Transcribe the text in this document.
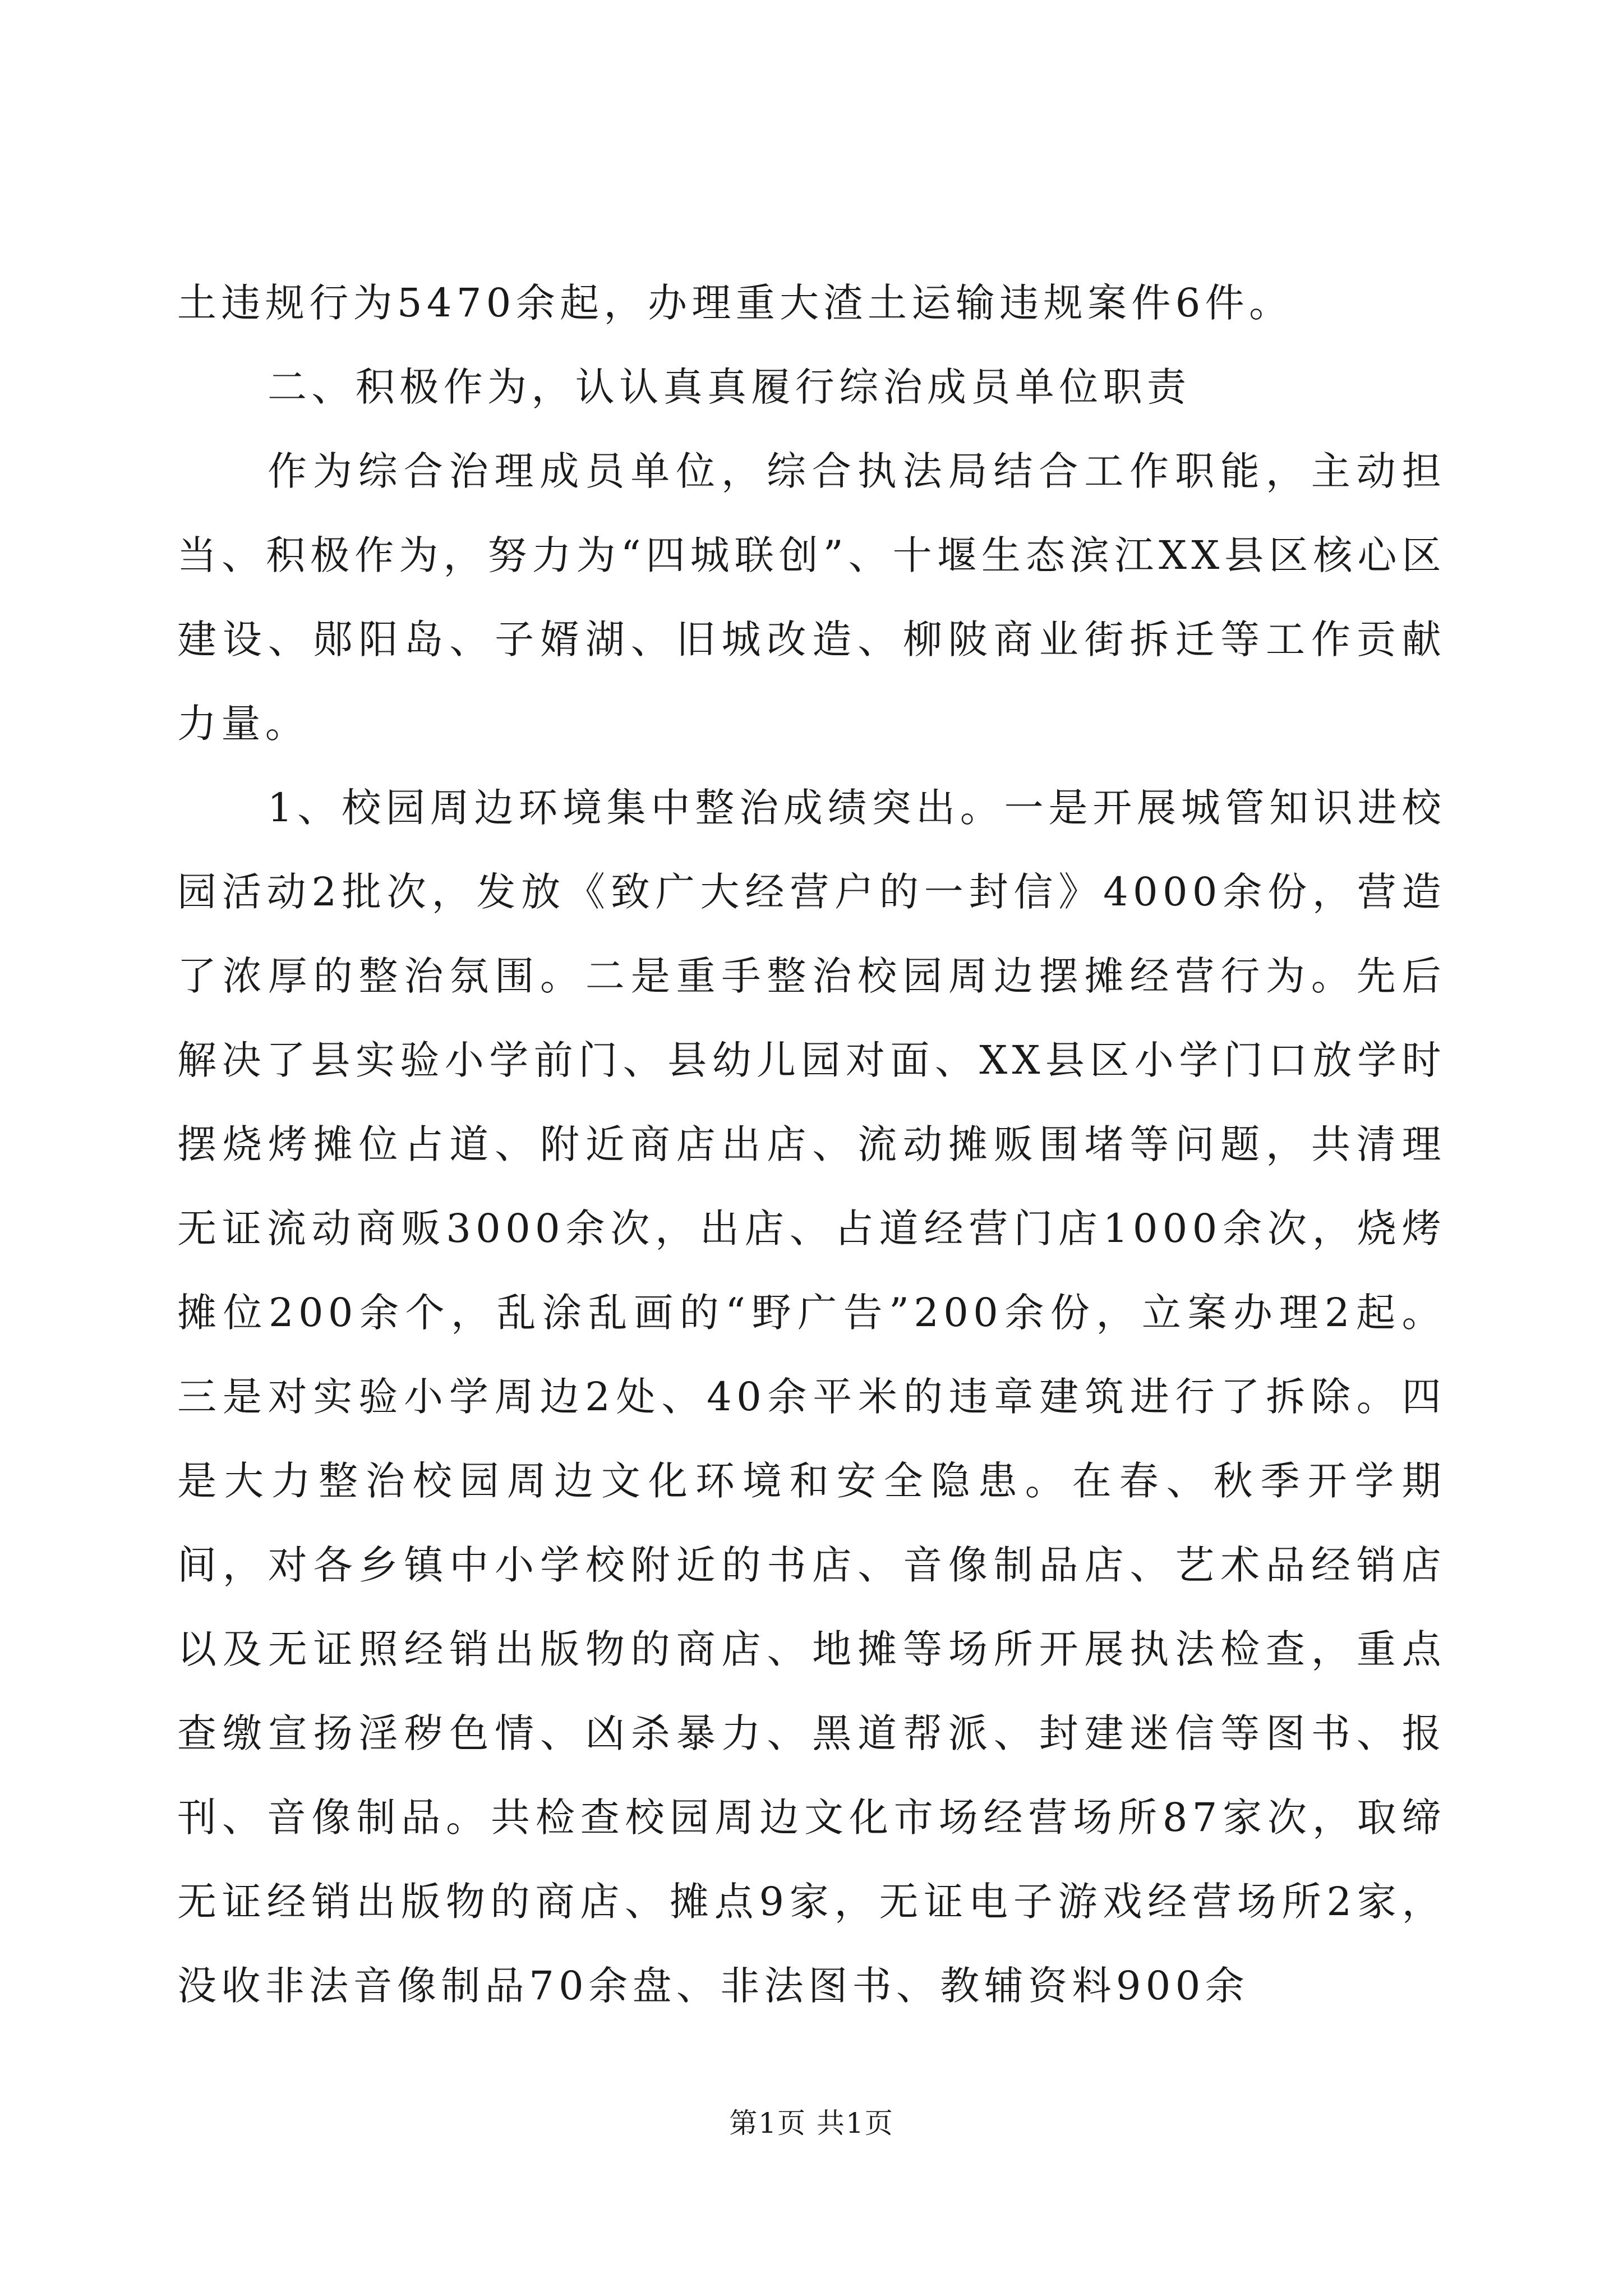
土违规行为5470余起，办理重大渣土运输违规案件6件。

二、积极作为，认认真真履行综治成员单位职责

作为综合治理成员单位，综合执法局结合工作职能，主动担当、积极作为，努力为“四城联创”、十堰生态滨江XX县区核心区建设、郧阳岛、子婿湖、旧城改造、柳陂商业街拆迁等工作贡献力量。

1、校园周边环境集中整治成绩突出。一是开展城管知识进校园活动2批次，发放《致广大经营户的一封信》4000余份，营造了浓厚的整治氛围。二是重手整治校园周边摆摊经营行为。先后解决了县实验小学前门、县幼儿园对面、XX县区小学门口放学时摆烧烤摊位占道、附近商店出店、流动摊贩围堵等问题，共清理无证流动商贩3000余次，出店、占道经营门店1000余次，烧烤摊位200余个，乱涂乱画的“野广告”200余份，立案办理2起。三是对实验小学周边2处、40余平米的违章建筑进行了拆除。四是大力整治校园周边文化环境和安全隐患。在春、秋季开学期间，对各乡镇中小学校附近的书店、音像制品店、艺术品经销店以及无证照经销出版物的商店、地摊等场所开展执法检查，重点查缴宣扬淫秽色情、凶杀暴力、黑道帮派、封建迷信等图书、报刊、音像制品。共检查校园周边文化市场经营场所87家次，取缔无证经销出版物的商店、摊点9家，无证电子游戏经营场所2家，没收非法音像制品70余盘、非法图书、教辅资料900余

第1页 共1页
